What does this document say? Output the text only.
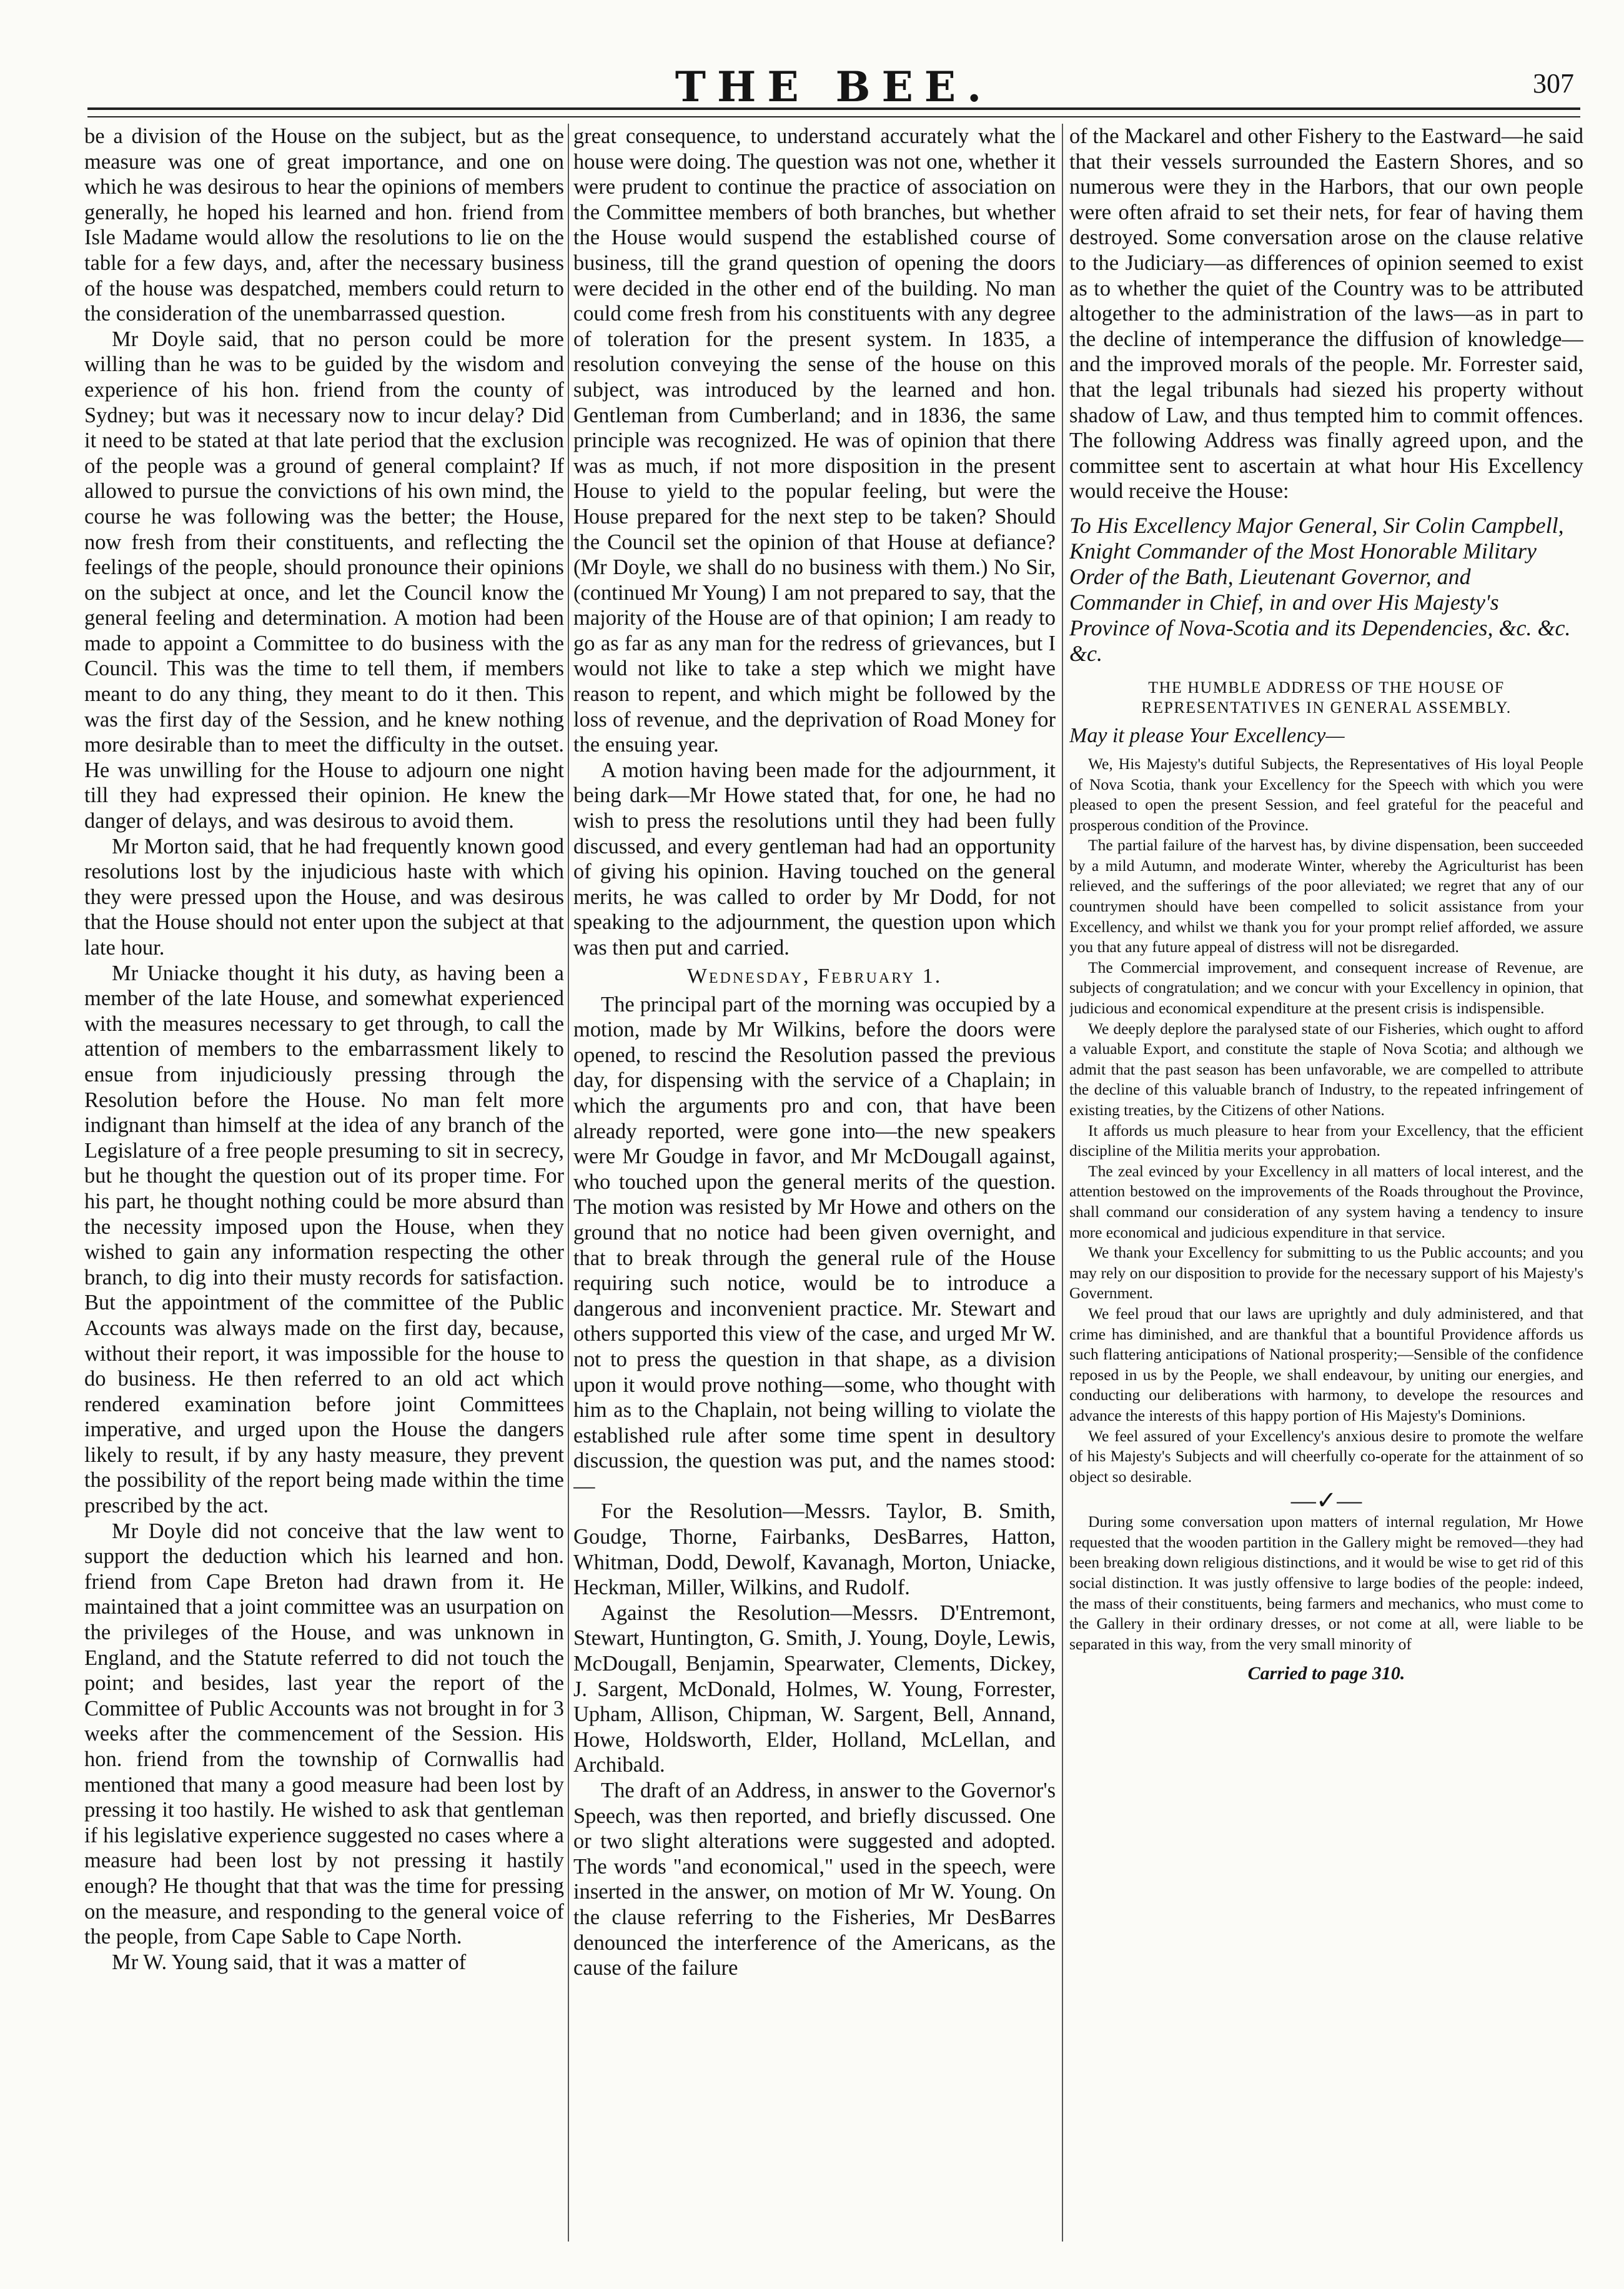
THE BEE.	307

be a division of the House on the subject, but as the measure was one of great importance, and one on which he was desirous to hear the opinions of members generally, he hoped his learned and hon. friend from Isle Madame would allow the resolutions to lie on the table for a few days, and, after the necessary business of the house was despatched, members could return to the consideration of the unembarrassed question.

Mr Doyle said, that no person could be more willing than he was to be guided by the wisdom and experience of his hon. friend from the county of Sydney; but was it necessary now to incur delay? Did it need to be stated at that late period that the exclusion of the people was a ground of general complaint? If allowed to pursue the convictions of his own mind, the course he was following was the better; the House, now fresh from their constituents, and reflecting the feelings of the people, should pronounce their opinions on the subject at once, and let the Council know the general feeling and determination. A motion had been made to appoint a Committee to do business with the Council. This was the time to tell them, if members meant to do any thing, they meant to do it then. This was the first day of the Session, and he knew nothing more desirable than to meet the difficulty in the outset. He was unwilling for the House to adjourn one night till they had expressed their opinion. He knew the danger of delays, and was desirous to avoid them.

Mr Morton said, that he had frequently known good resolutions lost by the injudicious haste with which they were pressed upon the House, and was desirous that the House should not enter upon the subject at that late hour.

Mr Uniacke thought it his duty, as having been a member of the late House, and somewhat experienced with the measures necessary to get through, to call the attention of members to the embarrassment likely to ensue from injudiciously pressing through the Resolution before the House. No man felt more indignant than himself at the idea of any branch of the Legislature of a free people presuming to sit in secrecy, but he thought the question out of its proper time. For his part, he thought nothing could be more absurd than the necessity imposed upon the House, when they wished to gain any information respecting the other branch, to dig into their musty records for satisfaction. But the appointment of the committee of the Public Accounts was always made on the first day, because, without their report, it was impossible for the house to do business. He then referred to an old act which rendered examination before joint Committees imperative, and urged upon the House the dangers likely to result, if by any hasty measure, they prevent the possibility of the report being made within the time prescribed by the act.

Mr Doyle did not conceive that the law went to support the deduction which his learned and hon. friend from Cape Breton had drawn from it. He maintained that a joint committee was an usurpation on the privileges of the House, and was unknown in England, and the Statute referred to did not touch the point; and besides, last year the report of the Committee of Public Accounts was not brought in for 3 weeks after the commencement of the Session. His hon. friend from the township of Cornwallis had mentioned that many a good measure had been lost by pressing it too hastily. He wished to ask that gentleman if his legislative experience suggested no cases where a measure had been lost by not pressing it hastily enough? He thought that that was the time for pressing on the measure, and responding to the general voice of the people, from Cape Sable to Cape North.

Mr W. Young said, that it was a matter of

great consequence, to understand accurately what the house were doing. The question was not one, whether it were prudent to continue the practice of association on the Committee members of both branches, but whether the House would suspend the established course of business, till the grand question of opening the doors were decided in the other end of the building. No man could come fresh from his constituents with any degree of toleration for the present system. In 1835, a resolution conveying the sense of the house on this subject, was introduced by the learned and hon. Gentleman from Cumberland; and in 1836, the same principle was recognized. He was of opinion that there was as much, if not more disposition in the present House to yield to the popular feeling, but were the House prepared for the next step to be taken? Should the Council set the opinion of that House at defiance? (Mr Doyle, we shall do no business with them.) No Sir, (continued Mr Young) I am not prepared to say, that the majority of the House are of that opinion; I am ready to go as far as any man for the redress of grievances, but I would not like to take a step which we might have reason to repent, and which might be followed by the loss of revenue, and the deprivation of Road Money for the ensuing year.

A motion having been made for the adjournment, it being dark—Mr Howe stated that, for one, he had no wish to press the resolutions until they had been fully discussed, and every gentleman had had an opportunity of giving his opinion. Having touched on the general merits, he was called to order by Mr Dodd, for not speaking to the adjournment, the question upon which was then put and carried.

Wednesday, February 1.

The principal part of the morning was occupied by a motion, made by Mr Wilkins, before the doors were opened, to rescind the Resolution passed the previous day, for dispensing with the service of a Chaplain; in which the arguments pro and con, that have been already reported, were gone into—the new speakers were Mr Goudge in favor, and Mr McDougall against, who touched upon the general merits of the question. The motion was resisted by Mr Howe and others on the ground that no notice had been given overnight, and that to break through the general rule of the House requiring such notice, would be to introduce a dangerous and inconvenient practice. Mr. Stewart and others supported this view of the case, and urged Mr W. not to press the question in that shape, as a division upon it would prove nothing—some, who thought with him as to the Chaplain, not being willing to violate the established rule after some time spent in desultory discussion, the question was put, and the names stood:—

For the Resolution—Messrs. Taylor, B. Smith, Goudge, Thorne, Fairbanks, DesBarres, Hatton, Whitman, Dodd, Dewolf, Kavanagh, Morton, Uniacke, Heckman, Miller, Wilkins, and Rudolf.

Against the Resolution—Messrs. D'Entremont, Stewart, Huntington, G. Smith, J. Young, Doyle, Lewis, McDougall, Benjamin, Spearwater, Clements, Dickey, J. Sargent, McDonald, Holmes, W. Young, Forrester, Upham, Allison, Chipman, W. Sargent, Bell, Annand, Howe, Holdsworth, Elder, Holland, McLellan, and Archibald.

The draft of an Address, in answer to the Governor's Speech, was then reported, and briefly discussed. One or two slight alterations were suggested and adopted. The words "and economical," used in the speech, were inserted in the answer, on motion of Mr W. Young. On the clause referring to the Fisheries, Mr DesBarres denounced the interference of the Americans, as the cause of the failure

of the Mackarel and other Fishery to the Eastward—he said that their vessels surrounded the Eastern Shores, and so numerous were they in the Harbors, that our own people were often afraid to set their nets, for fear of having them destroyed. Some conversation arose on the clause relative to the Judiciary—as differences of opinion seemed to exist as to whether the quiet of the Country was to be attributed altogether to the administration of the laws—as in part to the decline of intemperance the diffusion of knowledge—and the improved morals of the people. Mr. Forrester said, that the legal tribunals had siezed his property without shadow of Law, and thus tempted him to commit offences. The following Address was finally agreed upon, and the committee sent to ascertain at what hour His Excellency would receive the House:

To His Excellency Major General, Sir Colin Campbell, Knight Commander of the Most Honorable Military Order of the Bath, Lieutenant Governor, and Commander in Chief, in and over His Majesty's Province of Nova-Scotia and its Dependencies, &c. &c. &c.

THE HUMBLE ADDRESS OF THE HOUSE OF REPRESENTATIVES IN GENERAL ASSEMBLY.
May it please Your Excellency—

We, His Majesty's dutiful Subjects, the Representatives of His loyal People of Nova Scotia, thank your Excellency for the Speech with which you were pleased to open the present Session, and feel grateful for the peaceful and prosperous condition of the Province.

The partial failure of the harvest has, by divine dispensation, been succeeded by a mild Autumn, and moderate Winter, whereby the Agriculturist has been relieved, and the sufferings of the poor alleviated; we regret that any of our countrymen should have been compelled to solicit assistance from your Excellency, and whilst we thank you for your prompt relief afforded, we assure you that any future appeal of distress will not be disregarded.

The Commercial improvement, and consequent increase of Revenue, are subjects of congratulation; and we concur with your Excellency in opinion, that judicious and economical expenditure at the present crisis is indispensible.

We deeply deplore the paralysed state of our Fisheries, which ought to afford a valuable Export, and constitute the staple of Nova Scotia; and although we admit that the past season has been unfavorable, we are compelled to attribute the decline of this valuable branch of Industry, to the repeated infringement of existing treaties, by the Citizens of other Nations.

It affords us much pleasure to hear from your Excellency, that the efficient discipline of the Militia merits your approbation.

The zeal evinced by your Excellency in all matters of local interest, and the attention bestowed on the improvements of the Roads throughout the Province, shall command our consideration of any system having a tendency to insure more economical and judicious expenditure in that service.

We thank your Excellency for submitting to us the Public accounts; and you may rely on our disposition to provide for the necessary support of his Majesty's Government.

We feel proud that our laws are uprightly and duly administered, and that crime has diminished, and are thankful that a bountiful Providence affords us such flattering anticipations of National prosperity;—Sensible of the confidence reposed in us by the People, we shall endeavour, by uniting our energies, and conducting our deliberations with harmony, to develope the resources and advance the interests of this happy portion of His Majesty's Dominions.

We feel assured of your Excellency's anxious desire to promote the welfare of his Majesty's Subjects and will cheerfully co-operate for the attainment of so object so desirable.

—✓—

During some conversation upon matters of internal regulation, Mr Howe requested that the wooden partition in the Gallery might be removed—they had been breaking down religious distinctions, and it would be wise to get rid of this social distinction. It was justly offensive to large bodies of the people: indeed, the mass of their constituents, being farmers and mechanics, who must come to the Gallery in their ordinary dresses, or not come at all, were liable to be separated in this way, from the very small minority of

Carried to page 310.
